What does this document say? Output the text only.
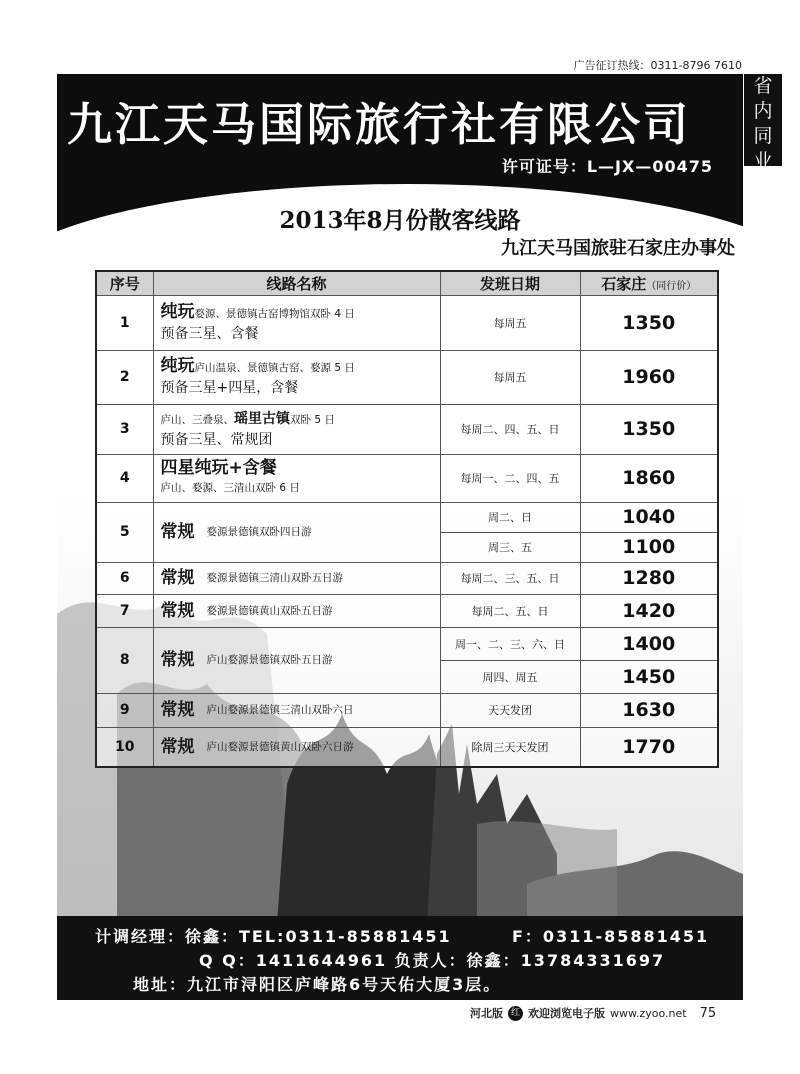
广告征订热线：0311-8796 7610
九江天马国际旅行社有限公司
许可证号：L—JX—00475
2013年8月份散客线路
九江天马国旅驻石家庄办事处
序号	线路名称	发班日期	石家庄（同行价）
1	纯玩婺源、景德镇古窑博物馆双卧 4 日
预备三星、含餐	每周五	1350
2	纯玩庐山温泉、景德镇古窑、婺源 5 日
预备三星+四星，含餐	每周五	1960
3	庐山、三叠泉、瑶里古镇双卧 5 日
预备三星、常规团	每周二、四、五、日	1350
4	四星纯玩+含餐
庐山、婺源、三清山双卧 6 日	每周一、二、四、五	1860
5	常规 婺源景德镇双卧四日游	周二、日	1040
		周三、五	1100
6	常规 婺源景德镇三清山双卧五日游	每周二、三、五、日	1280
7	常规 婺源景德镇黄山双卧五日游	每周二、五、日	1420
8	常规 庐山婺源景德镇双卧五日游	周一、二、三、六、日	1400
		周四、周五	1450
9	常规 庐山婺源景德镇三清山双卧六日	天天发团	1630
10	常规 庐山婺源景德镇黄山双卧六日游	除周三天天发团	1770
计调经理：徐鑫：TEL:0311-85881451	F：0311-85881451
Q Q：1411644961 负责人：徐鑫：13784331697
地址：九江市浔阳区庐峰路6号天佑大厦3层。
省
内
同
业
河北版 红 欢迎浏览电子版 www.zyoo.net 75
